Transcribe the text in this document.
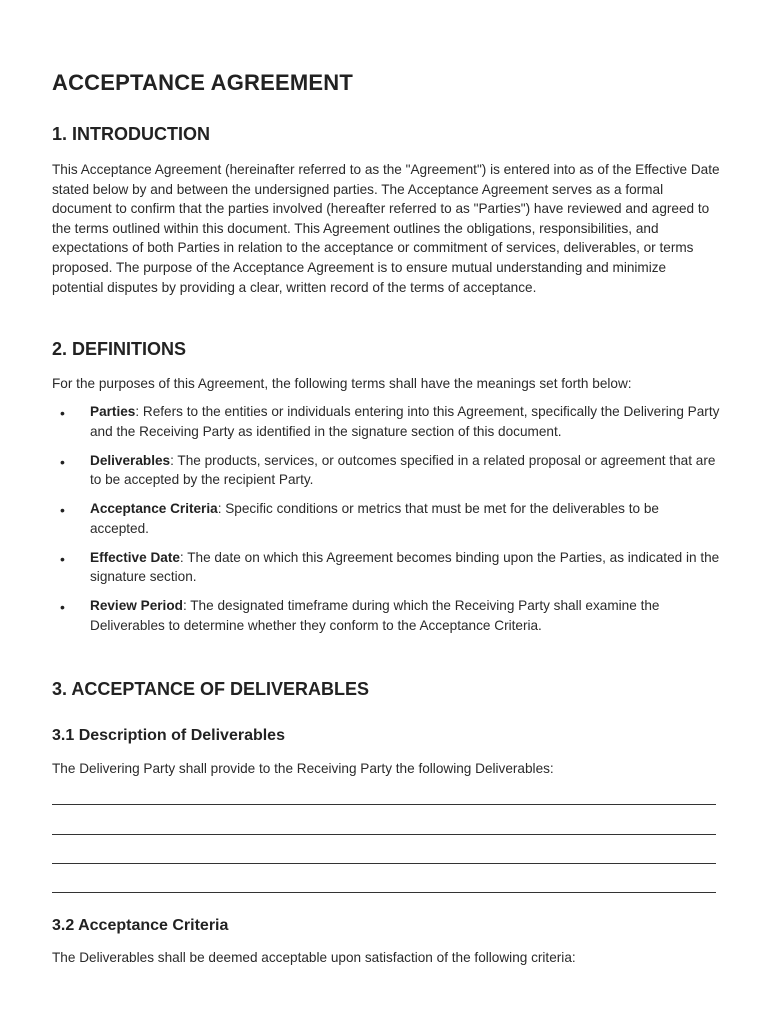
ACCEPTANCE AGREEMENT
1. INTRODUCTION

This Acceptance Agreement (hereinafter referred to as the "Agreement") is entered into as of the Effective Date stated below by and between the undersigned parties. The Acceptance Agreement serves as a formal document to confirm that the parties involved (hereafter referred to as "Parties") have reviewed and agreed to the terms outlined within this document. This Agreement outlines the obligations, responsibilities, and expectations of both Parties in relation to the acceptance or commitment of services, deliverables, or terms proposed. The purpose of the Acceptance Agreement is to ensure mutual understanding and minimize potential disputes by providing a clear, written record of the terms of acceptance.

2. DEFINITIONS

For the purposes of this Agreement, the following terms shall have the meanings set forth below:

• Parties: Refers to the entities or individuals entering into this Agreement, specifically the Delivering Party and the Receiving Party as identified in the signature section of this document.
• Deliverables: The products, services, or outcomes specified in a related proposal or agreement that are to be accepted by the recipient Party.
• Acceptance Criteria: Specific conditions or metrics that must be met for the deliverables to be accepted.
• Effective Date: The date on which this Agreement becomes binding upon the Parties, as indicated in the signature section.
• Review Period: The designated timeframe during which the Receiving Party shall examine the Deliverables to determine whether they conform to the Acceptance Criteria.
3. ACCEPTANCE OF DELIVERABLES
3.1 Description of Deliverables

The Delivering Party shall provide to the Receiving Party the following Deliverables:

3.2 Acceptance Criteria

The Deliverables shall be deemed acceptable upon satisfaction of the following criteria:
